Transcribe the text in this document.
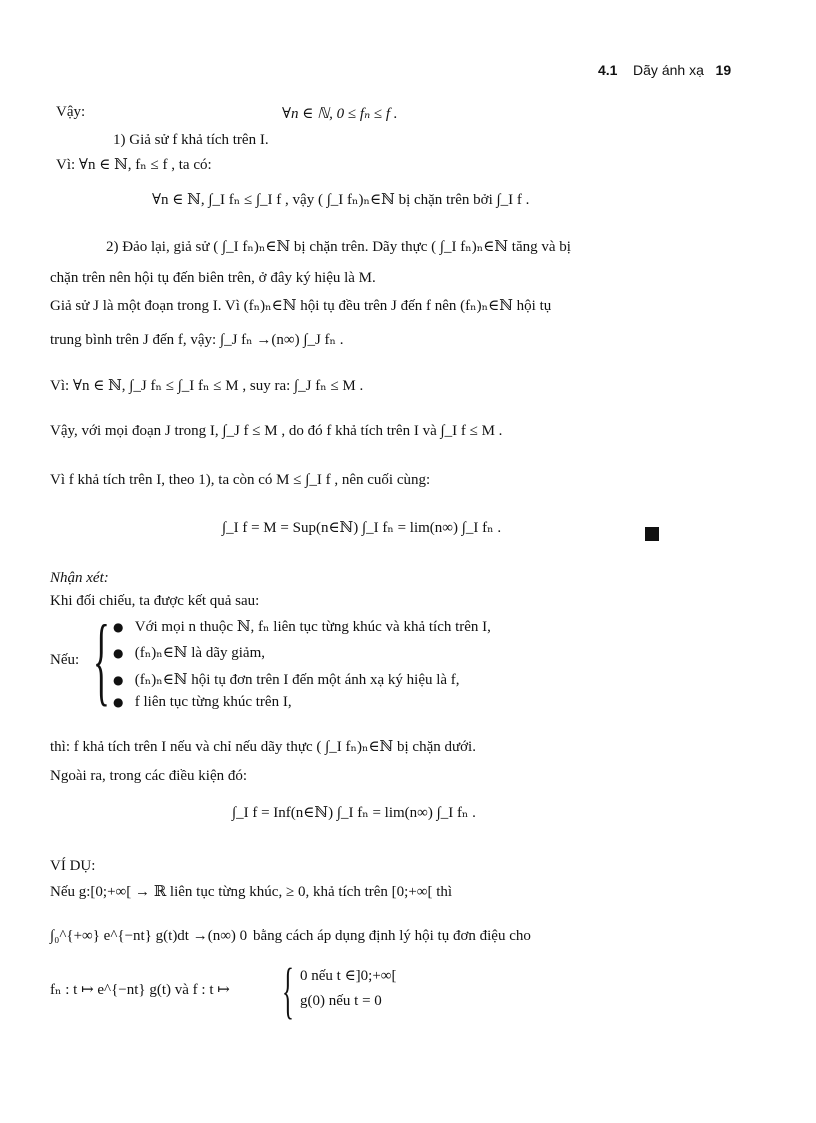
4.1 Dãy ánh xạ 19
Vậy:	∀n ∈ ℕ, 0 ≤ fₙ ≤ f .
1) Giả sử f khả tích trên I.
Vì: ∀n ∈ ℕ, fₙ ≤ f , ta có:
∀n ∈ ℕ, ∫_I fₙ ≤ ∫_I f , vậy ( ∫_I fₙ)ₙ∈ℕ bị chặn trên bởi ∫_I f .
2) Đảo lại, giả sử ( ∫_I fₙ)ₙ∈ℕ bị chặn trên. Dãy thực ( ∫_I fₙ)ₙ∈ℕ tăng và bị
chặn trên nên hội tụ đến biên trên, ở đây ký hiệu là M.
Giả sử J là một đoạn trong I. Vì (fₙ)ₙ∈ℕ hội tụ đều trên J đến f nên (fₙ)ₙ∈ℕ hội tụ
trung bình trên J đến f, vậy: ∫_J fₙ →(n∞) ∫_J fₙ .
Vì: ∀n ∈ ℕ, ∫_J fₙ ≤ ∫_I fₙ ≤ M , suy ra: ∫_J fₙ ≤ M .
Vậy, với mọi đoạn J trong I, ∫_J f ≤ M , do đó f khả tích trên I và ∫_I f ≤ M .
Vì f khả tích trên I, theo 1), ta còn có M ≤ ∫_I f , nên cuối cùng:
∫_I f = M = Sup(n∈ℕ) ∫_I fₙ = lim(n∞) ∫_I fₙ .
Nhận xét:
Khi đối chiếu, ta được kết quả sau:
Nếu: { ● Với mọi n thuộc ℕ, fₙ liên tục từng khúc và khả tích trên I,
● (fₙ)ₙ∈ℕ là dãy giảm,
● (fₙ)ₙ∈ℕ hội tụ đơn trên I đến một ánh xạ ký hiệu là f,
● f liên tục từng khúc trên I,
thì: f khả tích trên I nếu và chỉ nếu dãy thực ( ∫_I fₙ)ₙ∈ℕ bị chặn dưới.
Ngoài ra, trong các điều kiện đó:
∫_I f = Inf(n∈ℕ) ∫_I fₙ = lim(n∞) ∫_I fₙ .
VÍ DỤ:
Nếu g:[0;+∞[ → ℝ liên tục từng khúc, ≥ 0, khả tích trên [0;+∞[ thì
∫₀^{+∞} e^{−nt} g(t)dt →(n∞) 0 bằng cách áp dụng định lý hội tụ đơn điệu cho
fₙ : t ↦ e^{−nt} g(t) và f : t ↦ { 0 nếu t ∈]0;+∞[
g(0) nếu t = 0
